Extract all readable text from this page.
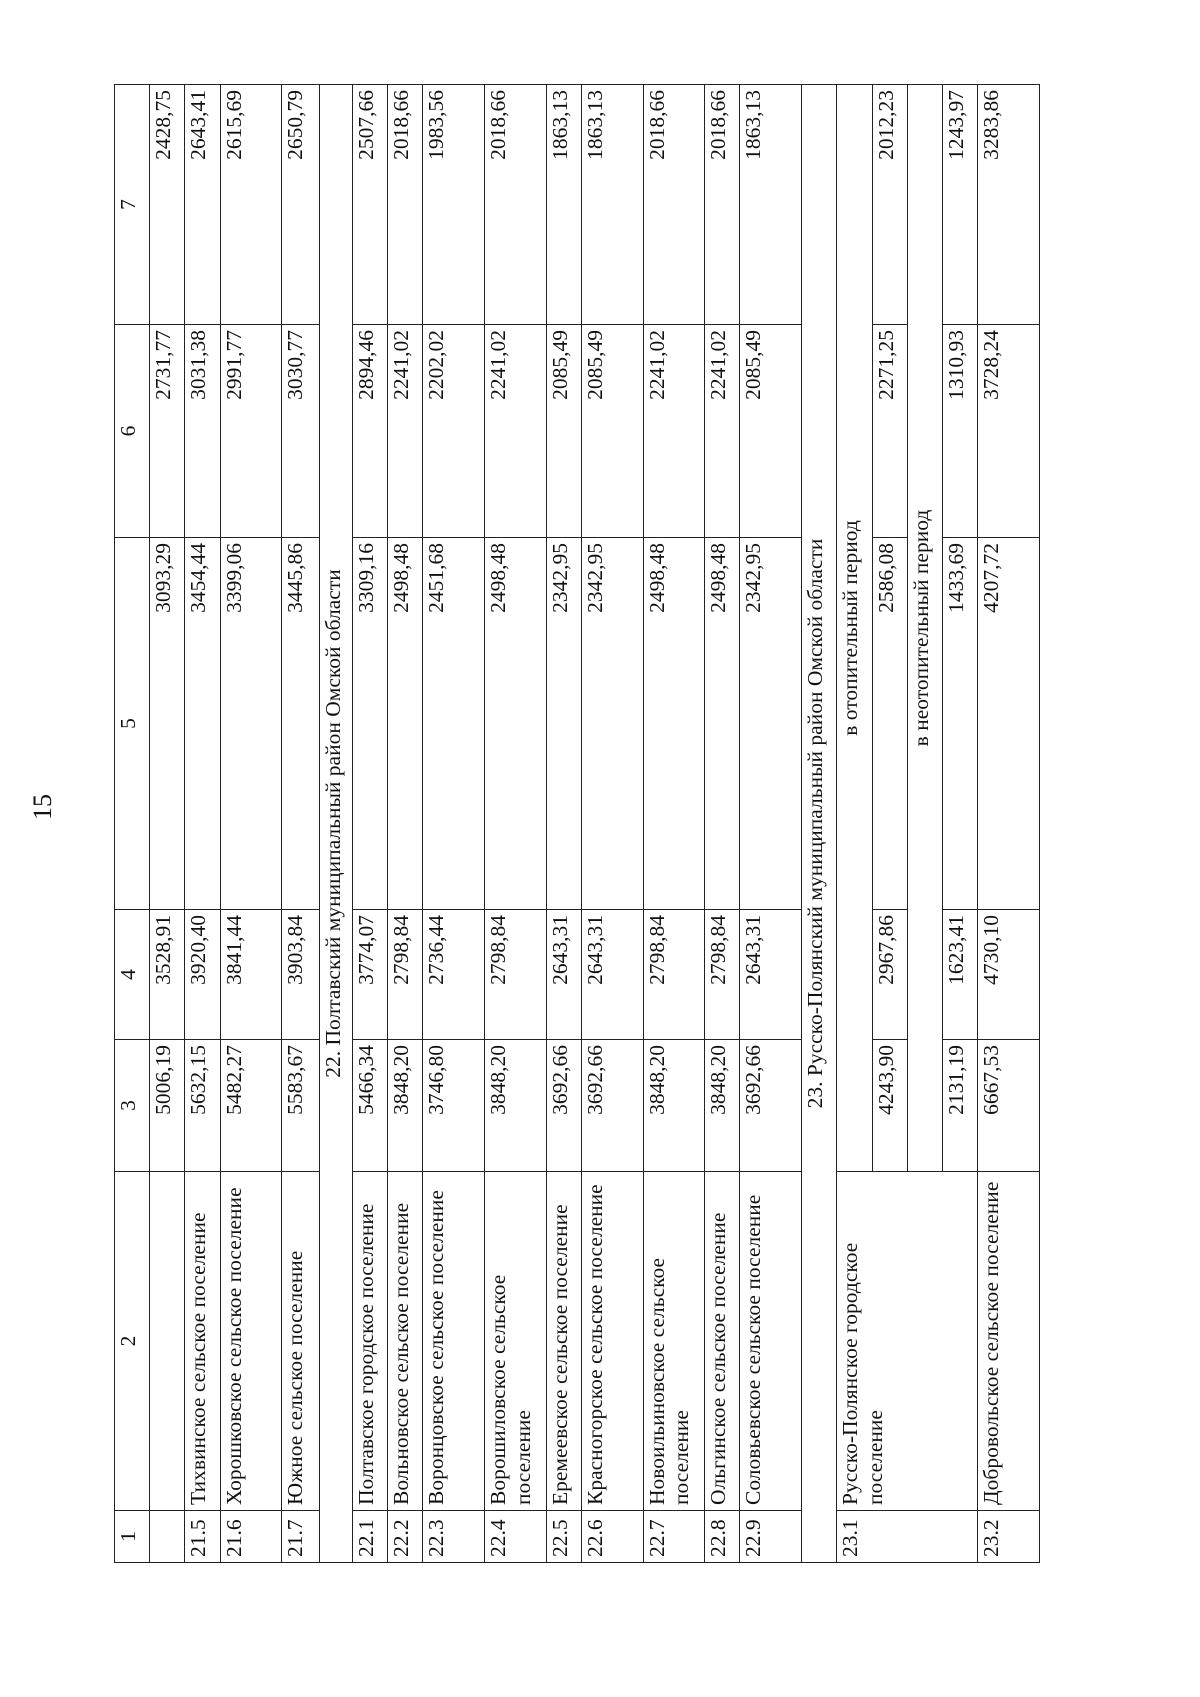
15
1	2	3	4	5	6	7
		5006,19	3528,91	3093,29	2731,77	2428,75
21.5	Тихвинское сельское поселение	5632,15	3920,40	3454,44	3031,38	2643,41
21.6	Хорошковское сельское поселение	5482,27	3841,44	3399,06	2991,77	2615,69
21.7	Южное сельское поселение	5583,67	3903,84	3445,86	3030,77	2650,79
22. Полтавский муниципальный район Омской области						
22.1	Полтавское городское поселение	5466,34	3774,07	3309,16	2894,46	2507,66
22.2	Вольновское сельское поселение	3848,20	2798,84	2498,48	2241,02	2018,66
22.3	Воронцовское сельское поселение	3746,80	2736,44	2451,68	2202,02	1983,56
22.4	Ворошиловское сельское поселение	3848,20	2798,84	2498,48	2241,02	2018,66
22.5	Еремеевское сельское поселение	3692,66	2643,31	2342,95	2085,49	1863,13
22.6	Красногорское сельское поселение	3692,66	2643,31	2342,95	2085,49	1863,13
22.7	Новоильиновское сельское поселение	3848,20	2798,84	2498,48	2241,02	2018,66
22.8	Ольгинское сельское поселение	3848,20	2798,84	2498,48	2241,02	2018,66
22.9	Соловьевское сельское поселение	3692,66	2643,31	2342,95	2085,49	1863,13
23. Русско-Полянский муниципальный район Омской области						
23.1	Русско-Полянское городское поселение	в отопительный период				
		4243,90	2967,86	2586,08	2271,25	2012,23
		в неотопительный период				
		2131,19	1623,41	1433,69	1310,93	1243,97
23.2	Добровольское сельское поселение	6667,53	4730,10	4207,72	3728,24	3283,86
